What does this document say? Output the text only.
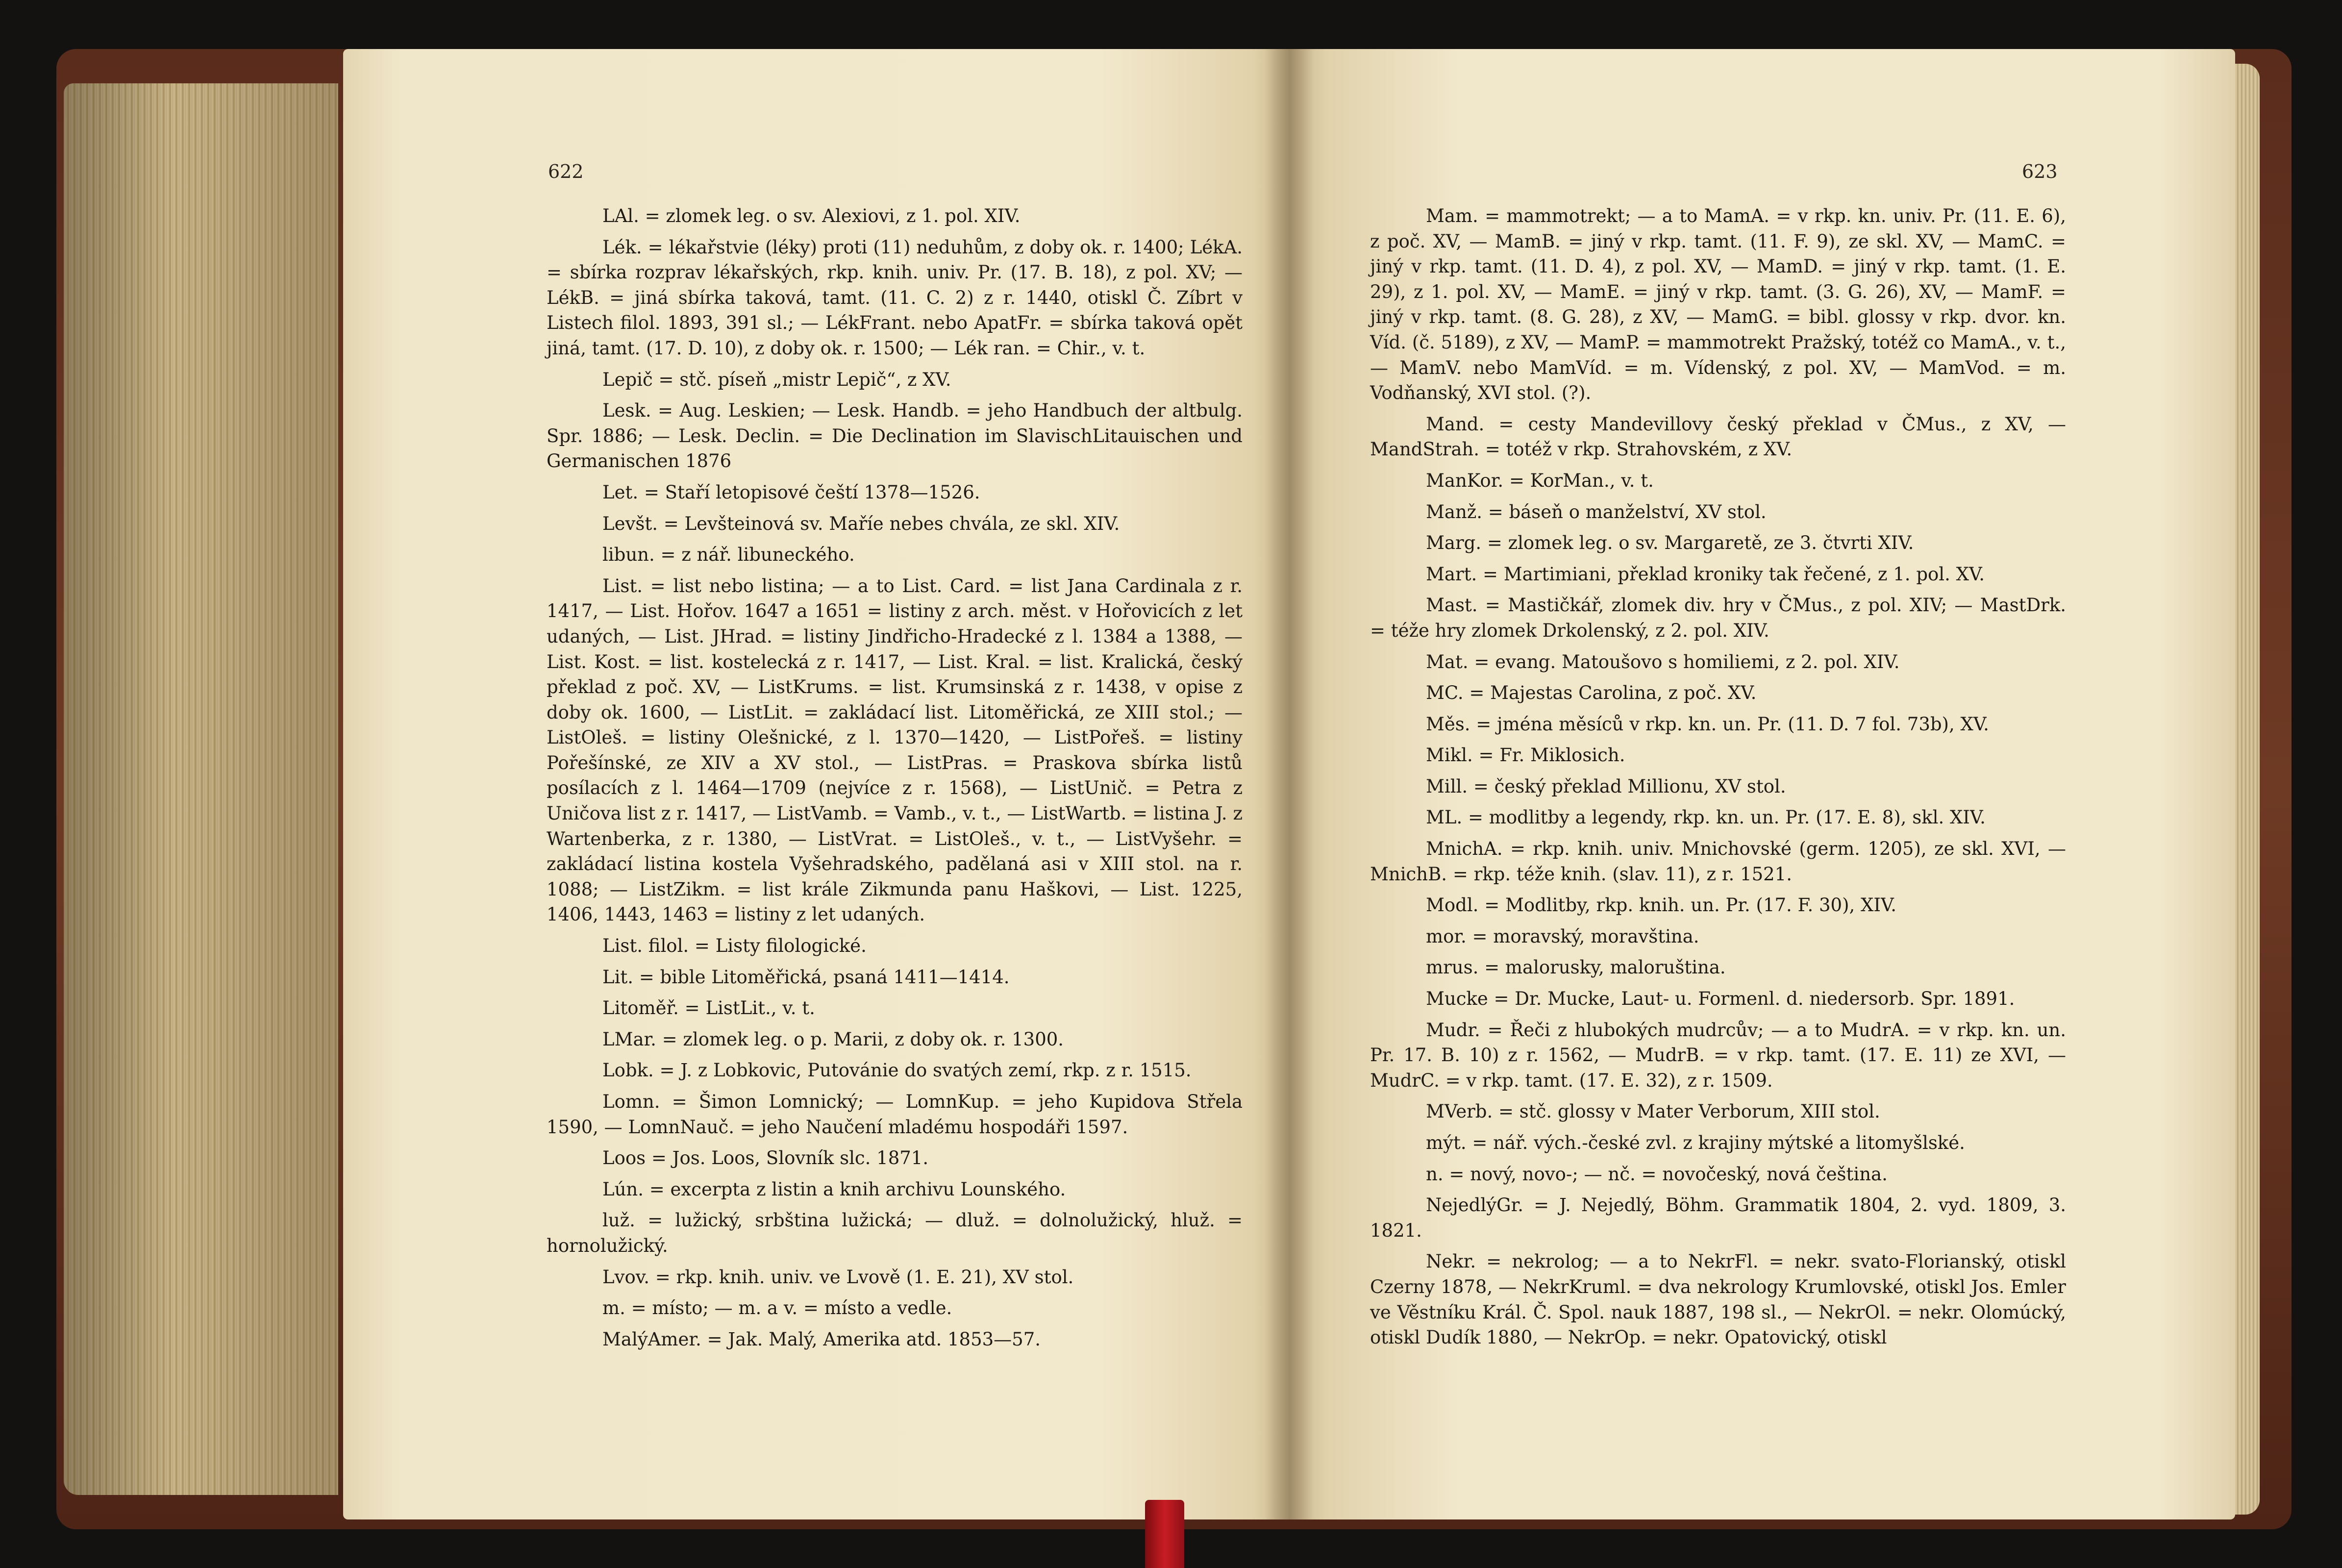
622	623

LAl. = zlomek leg. o sv. Alexiovi, z 1. pol. XIV.

Lék. = lékařstvie (léky) proti (11) neduhům, z doby ok. r. 1400; LékA. = sbírka rozprav lékařských, rkp. knih. univ. Pr. (17. B. 18), z pol. XV; — LékB. = jiná sbírka taková, tamt. (11. C. 2) z r. 1440, otiskl Č. Zíbrt v Listech filol. 1893, 391 sl.; — LékFrant. nebo ApatFr. = sbírka taková opět jiná, tamt. (17. D. 10), z doby ok. r. 1500; — Lék ran. = Chir., v. t.

Lepič = stč. píseň „mistr Lepič“, z XV.

Lesk. = Aug. Leskien; — Lesk. Handb. = jeho Handbuch der altbulg. Spr. 1886; — Lesk. Declin. = Die Declination im SlavischLitauischen und Germanischen 1876

Let. = Staří letopisové čeští 1378—1526.

Levšt. = Levšteinová sv. Maříe nebes chvála, ze skl. XIV.

libun. = z nář. libuneckého.

List. = list nebo listina; — a to List. Card. = list Jana Cardinala z r. 1417, — List. Hořov. 1647 a 1651 = listiny z arch. měst. v Hořovicích z let udaných, — List. JHrad. = listiny Jindřicho-Hradecké z l. 1384 a 1388, — List. Kost. = list. kostelecká z r. 1417, — List. Kral. = list. Kralická, český překlad z poč. XV, — ListKrums. = list. Krumsinská z r. 1438, v opise z doby ok. 1600, — ListLit. = zakládací list. Litoměřická, ze XIII stol.; — ListOleš. = listiny Olešnické, z l. 1370—1420, — ListPořeš. = listiny Pořešínské, ze XIV a XV stol., — ListPras. = Praskova sbírka listů posílacích z l. 1464—1709 (nejvíce z r. 1568), — ListUnič. = Petra z Uničova list z r. 1417, — ListVamb. = Vamb., v. t., — ListWartb. = listina J. z Wartenberka, z r. 1380, — ListVrat. = ListOleš., v. t., — ListVyšehr. = zakládací listina kostela Vyšehradského, padělaná asi v XIII stol. na r. 1088; — ListZikm. = list krále Zikmunda panu Haškovi, — List. 1225, 1406, 1443, 1463 = listiny z let udaných.

List. filol. = Listy filologické.

Lit. = bible Litoměřická, psaná 1411—1414.

Litoměř. = ListLit., v. t.

LMar. = zlomek leg. o p. Marii, z doby ok. r. 1300.

Lobk. = J. z Lobkovic, Putovánie do svatých zemí, rkp. z r. 1515.

Lomn. = Šimon Lomnický; — LomnKup. = jeho Kupidova Střela 1590, — LomnNauč. = jeho Naučení mladému hospodáři 1597.

Loos = Jos. Loos, Slovník slc. 1871.

Lún. = excerpta z listin a knih archivu Lounského.

luž. = lužický, srbština lužická; — dluž. = dolnolužický, hluž. = hornolužický.

Lvov. = rkp. knih. univ. ve Lvově (1. E. 21), XV stol.

m. = místo; — m. a v. = místo a vedle.

MalýAmer. = Jak. Malý, Amerika atd. 1853—57.

Mam. = mammotrekt; — a to MamA. = v rkp. kn. univ. Pr. (11. E. 6), z poč. XV, — MamB. = jiný v rkp. tamt. (11. F. 9), ze skl. XV, — MamC. = jiný v rkp. tamt. (11. D. 4), z pol. XV, — MamD. = jiný v rkp. tamt. (1. E. 29), z 1. pol. XV, — MamE. = jiný v rkp. tamt. (3. G. 26), XV, — MamF. = jiný v rkp. tamt. (8. G. 28), z XV, — MamG. = bibl. glossy v rkp. dvor. kn. Víd. (č. 5189), z XV, — MamP. = mammotrekt Pražský, totéž co MamA., v. t., — MamV. nebo MamVíd. = m. Vídenský, z pol. XV, — MamVod. = m. Vodňanský, XVI stol. (?).

Mand. = cesty Mandevillovy český překlad v ČMus., z XV, — MandStrah. = totéž v rkp. Strahovském, z XV.

ManKor. = KorMan., v. t.

Manž. = báseň o manželství, XV stol.

Marg. = zlomek leg. o sv. Margaretě, ze 3. čtvrti XIV.

Mart. = Martimiani, překlad kroniky tak řečené, z 1. pol. XV.

Mast. = Mastičkář, zlomek div. hry v ČMus., z pol. XIV; — MastDrk. = téže hry zlomek Drkolenský, z 2. pol. XIV.

Mat. = evang. Matoušovo s homiliemi, z 2. pol. XIV.

MC. = Majestas Carolina, z poč. XV.

Měs. = jména měsíců v rkp. kn. un. Pr. (11. D. 7 fol. 73b), XV.

Mikl. = Fr. Miklosich.

Mill. = český překlad Millionu, XV stol.

ML. = modlitby a legendy, rkp. kn. un. Pr. (17. E. 8), skl. XIV.

MnichA. = rkp. knih. univ. Mnichovské (germ. 1205), ze skl. XVI, — MnichB. = rkp. téže knih. (slav. 11), z r. 1521.

Modl. = Modlitby, rkp. knih. un. Pr. (17. F. 30), XIV.

mor. = moravský, moravština.

mrus. = malorusky, maloruština.

Mucke = Dr. Mucke, Laut- u. Formenl. d. niedersorb. Spr. 1891.

Mudr. = Řeči z hlubokých mudrcův; — a to MudrA. = v rkp. kn. un. Pr. 17. B. 10) z r. 1562, — MudrB. = v rkp. tamt. (17. E. 11) ze XVI, — MudrC. = v rkp. tamt. (17. E. 32), z r. 1509.

MVerb. = stč. glossy v Mater Verborum, XIII stol.

mýt. = nář. vých.-české zvl. z krajiny mýtské a litomyšlské.

n. = nový, novo-; — nč. = novočeský, nová čeština.

NejedlýGr. = J. Nejedlý, Böhm. Grammatik 1804, 2. vyd. 1809, 3. 1821.

Nekr. = nekrolog; — a to NekrFl. = nekr. svato-Florianský, otiskl Czerny 1878, — NekrKruml. = dva nekrology Krumlovské, otiskl Jos. Emler ve Věstníku Král. Č. Spol. nauk 1887, 198 sl., — NekrOl. = nekr. Olomúcký, otiskl Dudík 1880, — NekrOp. = nekr. Opatovický, otiskl
